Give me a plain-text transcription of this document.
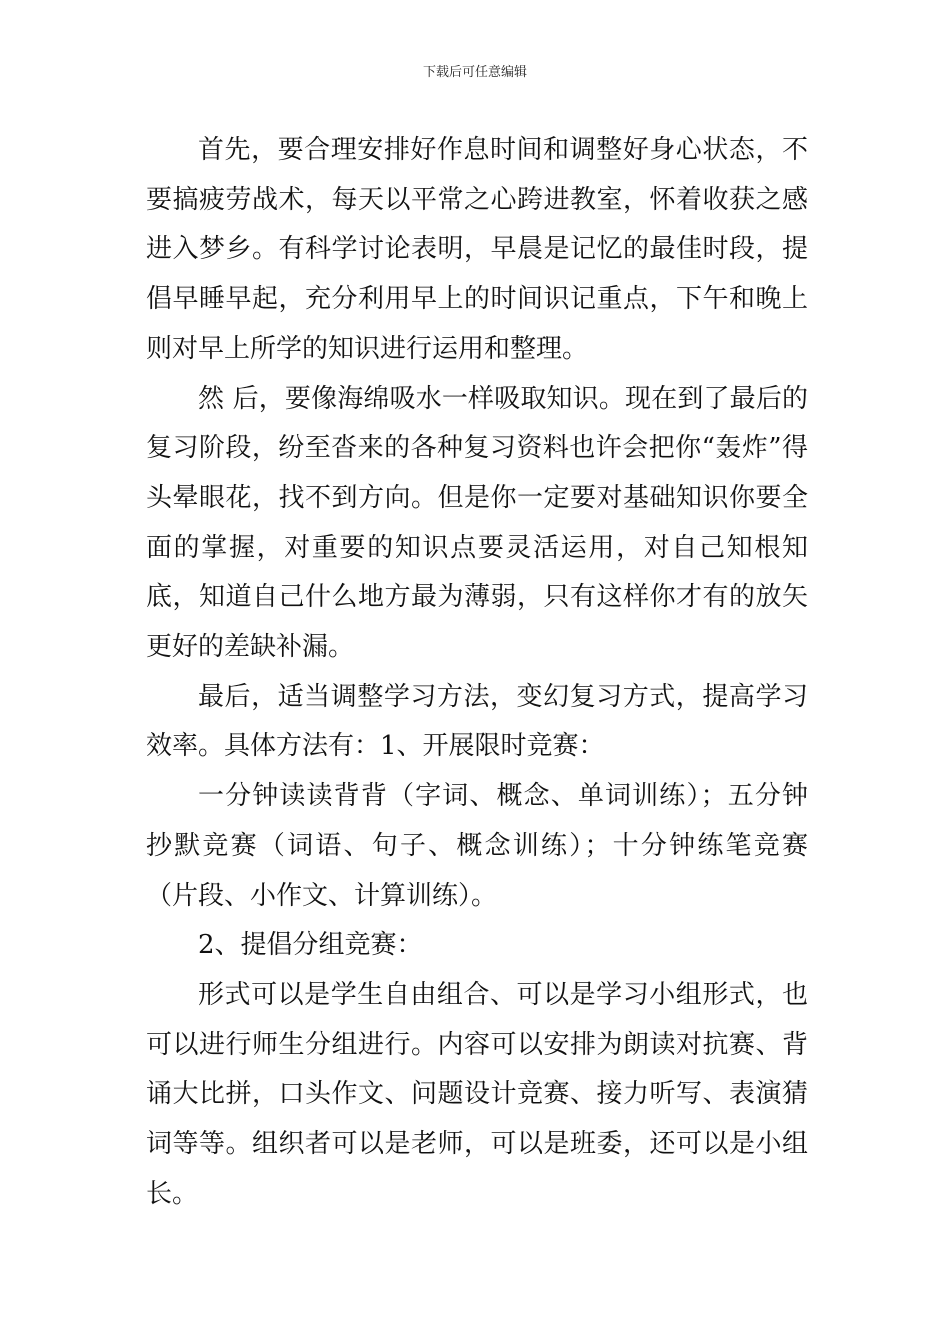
下载后可任意编辑

首先，要合理安排好作息时间和调整好身心状态，不要搞疲劳战术，每天以平常之心跨进教室，怀着收获之感进入梦乡。有科学讨论表明，早晨是记忆的最佳时段，提倡早睡早起，充分利用早上的时间识记重点，下午和晚上则对早上所学的知识进行运用和整理。

然 后，要像海绵吸水一样吸取知识。现在到了最后的复习阶段，纷至沓来的各种复习资料也许会把你“轰炸”得头晕眼花，找不到方向。但是你一定要对基础知识你要全面的掌握，对重要的知识点要灵活运用，对自己知根知底，知道自己什么地方最为薄弱，只有这样你才有的放矢更好的差缺补漏。

最后，适当调整学习方法，变幻复习方式，提高学习效率。具体方法有：1、开展限时竞赛：

一分钟读读背背（字词、概念、单词训练）；五分钟抄默竞赛（词语、句子、概念训练）；十分钟练笔竞赛（片段、小作文、计算训练）。

2、提倡分组竞赛：

形式可以是学生自由组合、可以是学习小组形式，也可以进行师生分组进行。内容可以安排为朗读对抗赛、背诵大比拼，口头作文、问题设计竞赛、接力听写、表演猜词等等。组织者可以是老师，可以是班委，还可以是小组长。
